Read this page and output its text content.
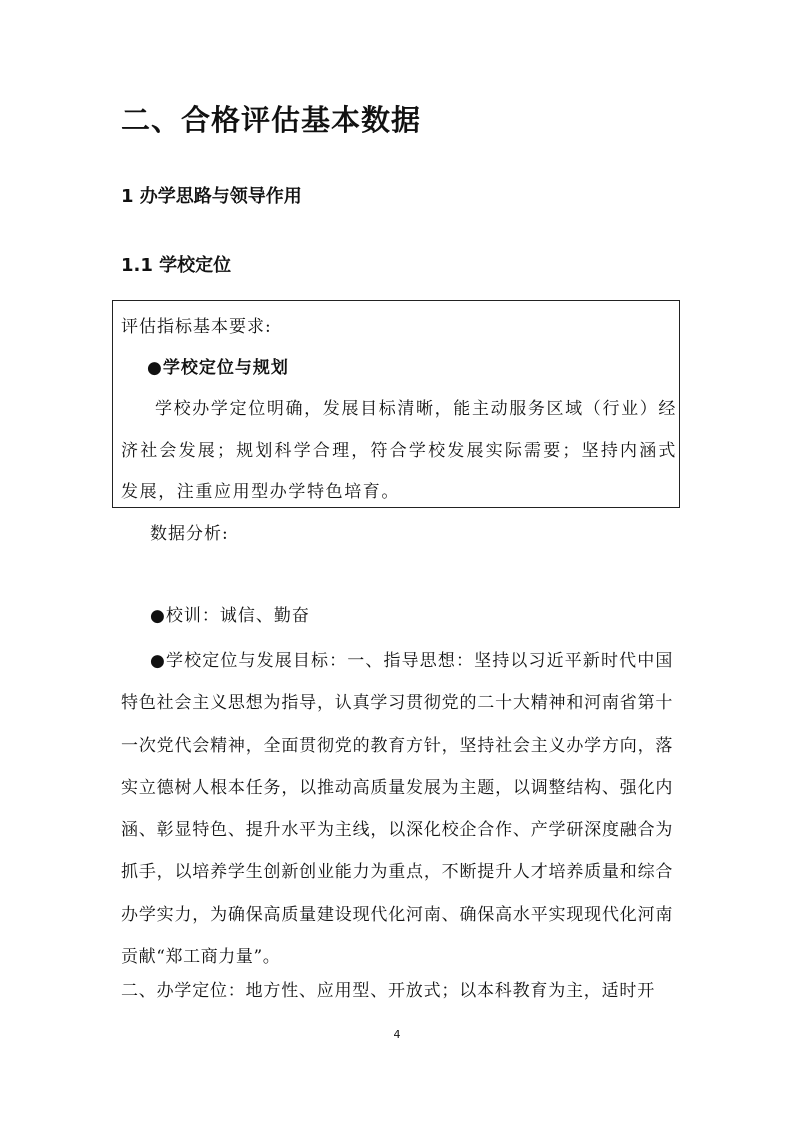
二、合格评估基本数据
1 办学思路与领导作用
1.1 学校定位
评估指标基本要求:
●学校定位与规划
学校办学定位明确，发展目标清晰，能主动服务区域（行业）经济社会发展；规划科学合理，符合学校发展实际需要；坚持内涵式发展，注重应用型办学特色培育。
数据分析:
●校训：诚信、勤奋
●学校定位与发展目标：一、指导思想：坚持以习近平新时代中国特色社会主义思想为指导，认真学习贯彻党的二十大精神和河南省第十一次党代会精神，全面贯彻党的教育方针，坚持社会主义办学方向，落实立德树人根本任务，以推动高质量发展为主题，以调整结构、强化内涵、彰显特色、提升水平为主线，以深化校企合作、产学研深度融合为抓手，以培养学生创新创业能力为重点，不断提升人才培养质量和综合办学实力，为确保高质量建设现代化河南、确保高水平实现现代化河南贡献“郑工商力量”。
二、办学定位：地方性、应用型、开放式；以本科教育为主，适时开
4
